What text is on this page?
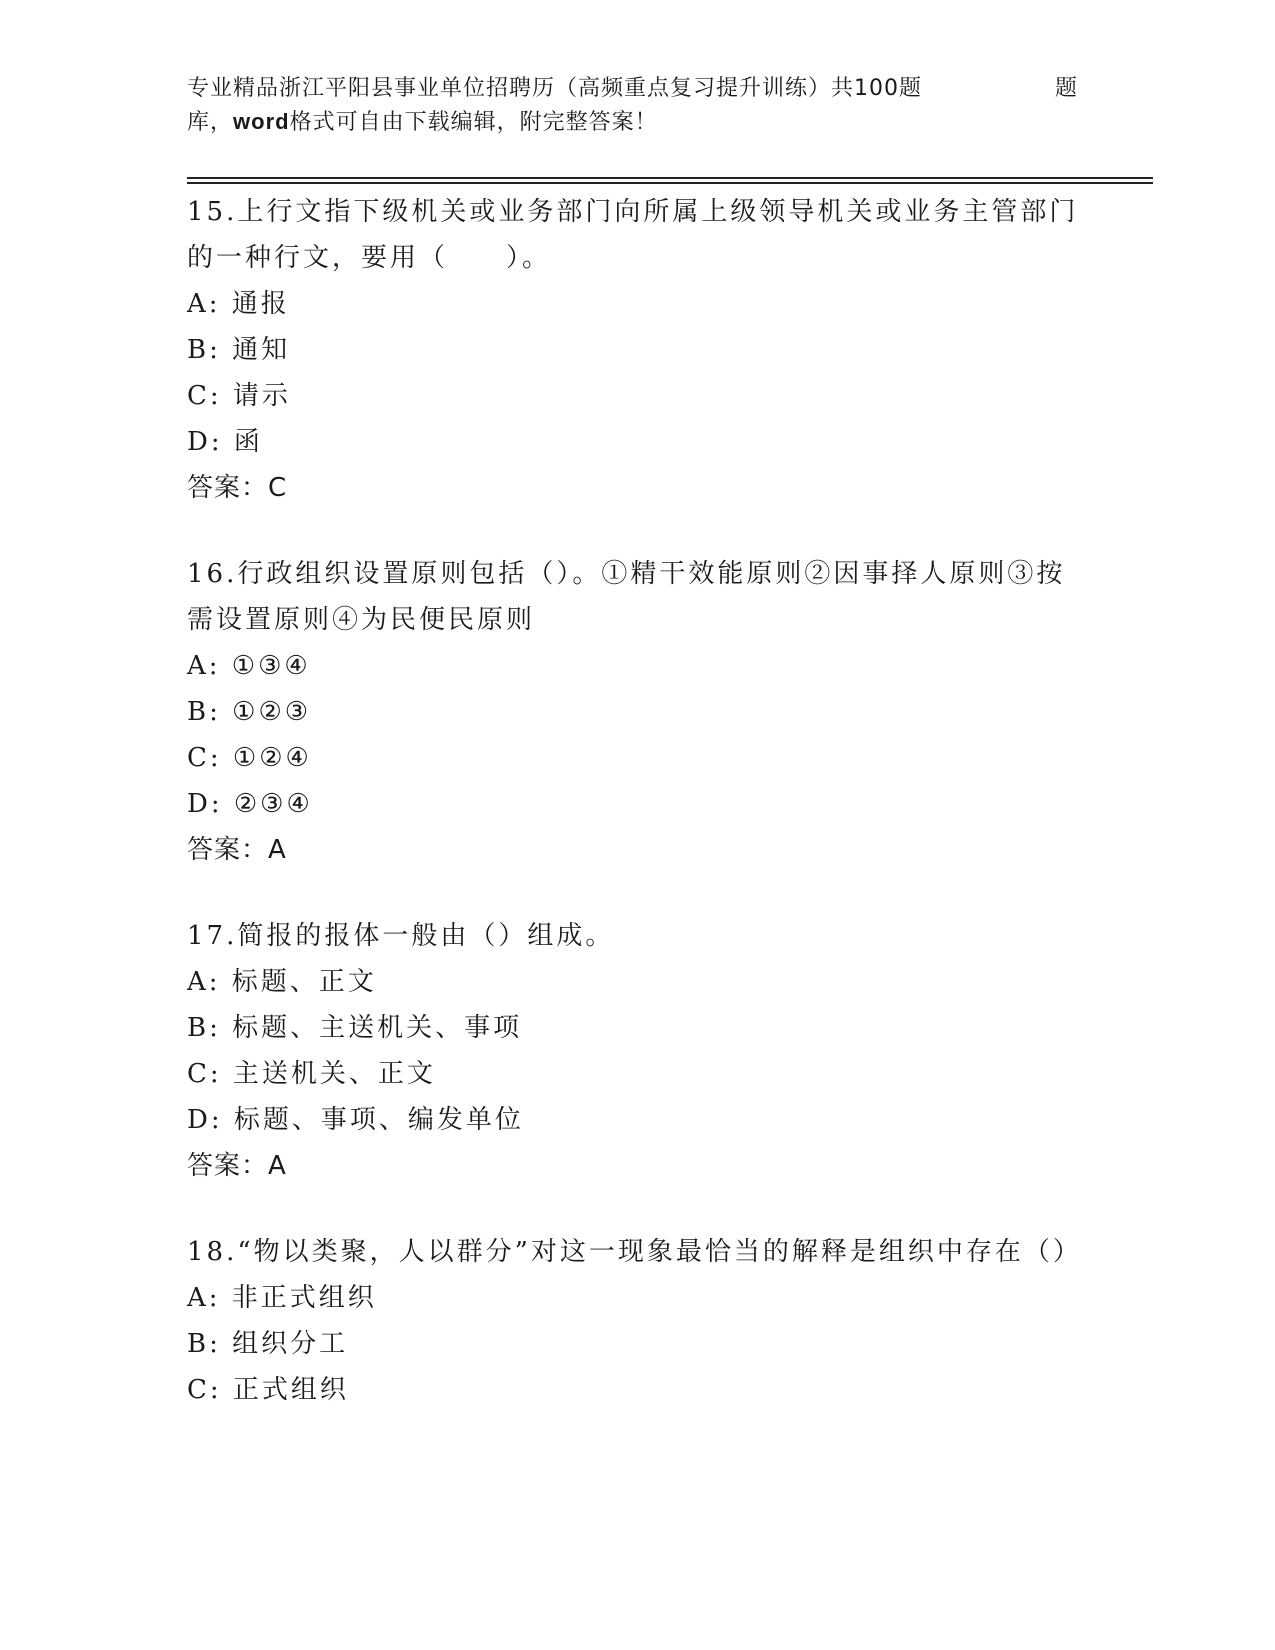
专业精品浙江平阳县事业单位招聘历（高频重点复习提升训练）共100题	题
库，word格式可自由下载编辑，附完整答案！

15.上行文指下级机关或业务部门向所属上级领导机关或业务主管部门的一种行文，要用（　　）。

A: 通报

B: 通知

C: 请示

D: 函

答案：C

16.行政组织设置原则包括（）。①精干效能原则②因事择人原则③按需设置原则④为民便民原则

A: ①③④

B: ①②③

C: ①②④

D: ②③④

答案：A

17.简报的报体一般由（）组成。

A: 标题、正文

B: 标题、主送机关、事项

C: 主送机关、正文

D: 标题、事项、编发单位

答案：A

18.“物以类聚，人以群分”对这一现象最恰当的解释是组织中存在（）

A: 非正式组织

B: 组织分工

C: 正式组织
